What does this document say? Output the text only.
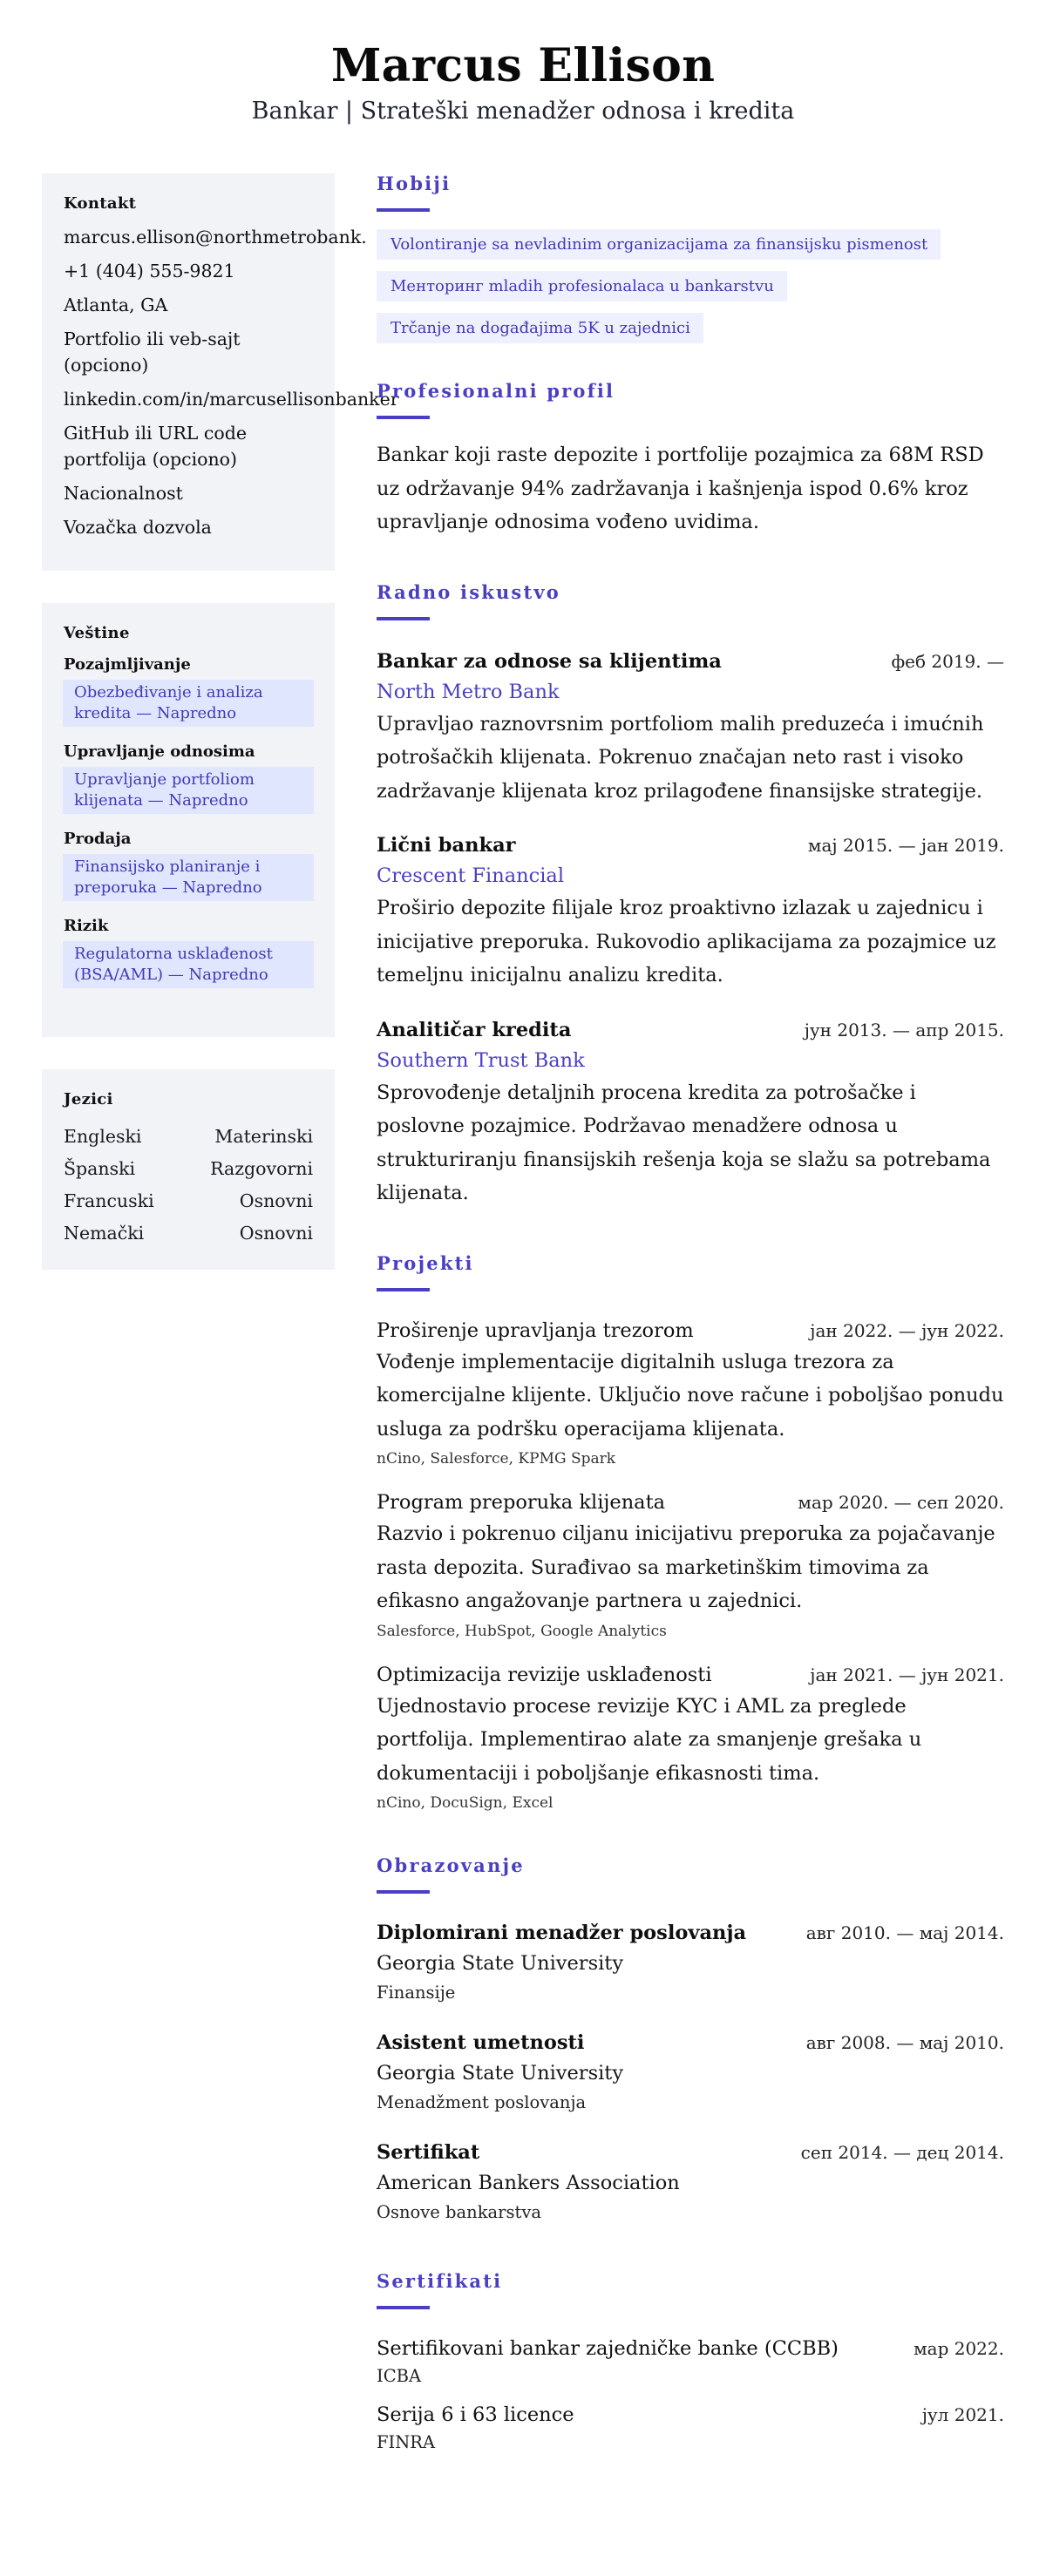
Marcus Ellison
Bankar | Strateški menadžer odnosa i kredita
Kontakt
marcus.ellison@northmetrobank.
+1 (404) 555-9821
Atlanta, GA
Portfolio ili veb-sajt (opciono)
linkedin.com/in/marcusellisonbanker
GitHub ili URL code portfolija (opciono)
Nacionalnost
Vozačka dozvola
Veštine
Pozajmljivanje
Obezbeđivanje i analiza kredita — Napredno
Upravljanje odnosima
Upravljanje portfoliom klijenata — Napredno
Prodaja
Finansijsko planiranje i preporuka — Napredno
Rizik
Regulatorna usklađenost (BSA/AML) — Napredno
Jezici
Engleski	Materinski
Španski	Razgovorni
Francuski	Osnovni
Nemački	Osnovni
Hobiji
Volontiranje sa nevladinim organizacijama za finansijsku pismenost
Менторинг mladih profesionalaca u bankarstvu
Trčanje na događajima 5K u zajednici
Profesionalni profil
Bankar koji raste depozite i portfolije pozajmica za 68M RSD uz održavanje 94% zadržavanja i kašnjenja ispod 0.6% kroz upravljanje odnosima vođeno uvidima.
Radno iskustvo
Bankar za odnose sa klijentima	феб 2019. —
North Metro Bank
Upravljao raznovrsnim portfoliom malih preduzeća i imućnih potrošačkih klijenata. Pokrenuo značajan neto rast i visoko zadržavanje klijenata kroz prilagođene finansijske strategije.
Lični bankar	мај 2015. — јан 2019.
Crescent Financial
Proširio depozite filijale kroz proaktivno izlazak u zajednicu i inicijative preporuka. Rukovodio aplikacijama za pozajmice uz temeljnu inicijalnu analizu kredita.
Analitičar kredita	јун 2013. — апр 2015.
Southern Trust Bank
Sprovođenje detaljnih procena kredita za potrošačke i poslovne pozajmice. Podržavao menadžere odnosa u strukturiranju finansijskih rešenja koja se slažu sa potrebama klijenata.
Projekti
Proširenje upravljanja trezorom	јан 2022. — јун 2022.
Vođenje implementacije digitalnih usluga trezora za komercijalne klijente. Uključio nove račune i poboljšao ponudu usluga za podršku operacijama klijenata.
nCino, Salesforce, KPMG Spark
Program preporuka klijenata	мар 2020. — сеп 2020.
Razvio i pokrenuo ciljanu inicijativu preporuka za pojačavanje rasta depozita. Surađivao sa marketinškim timovima za efikasno angažovanje partnera u zajednici.
Salesforce, HubSpot, Google Analytics
Optimizacija revizije usklađenosti	јан 2021. — јун 2021.
Ujednostavio procese revizije KYC i AML za preglede portfolija. Implementirao alate za smanjenje grešaka u dokumentaciji i poboljšanje efikasnosti tima.
nCino, DocuSign, Excel
Obrazovanje
Diplomirani menadžer poslovanja	авг 2010. — мај 2014.
Georgia State University
Finansije
Asistent umetnosti	авг 2008. — мај 2010.
Georgia State University
Menadžment poslovanja
Sertifikat	сеп 2014. — дец 2014.
American Bankers Association
Osnove bankarstva
Sertifikati
Sertifikovani bankar zajedničke banke (CCBB)	мар 2022.
ICBA
Serija 6 i 63 licence	јул 2021.
FINRA
